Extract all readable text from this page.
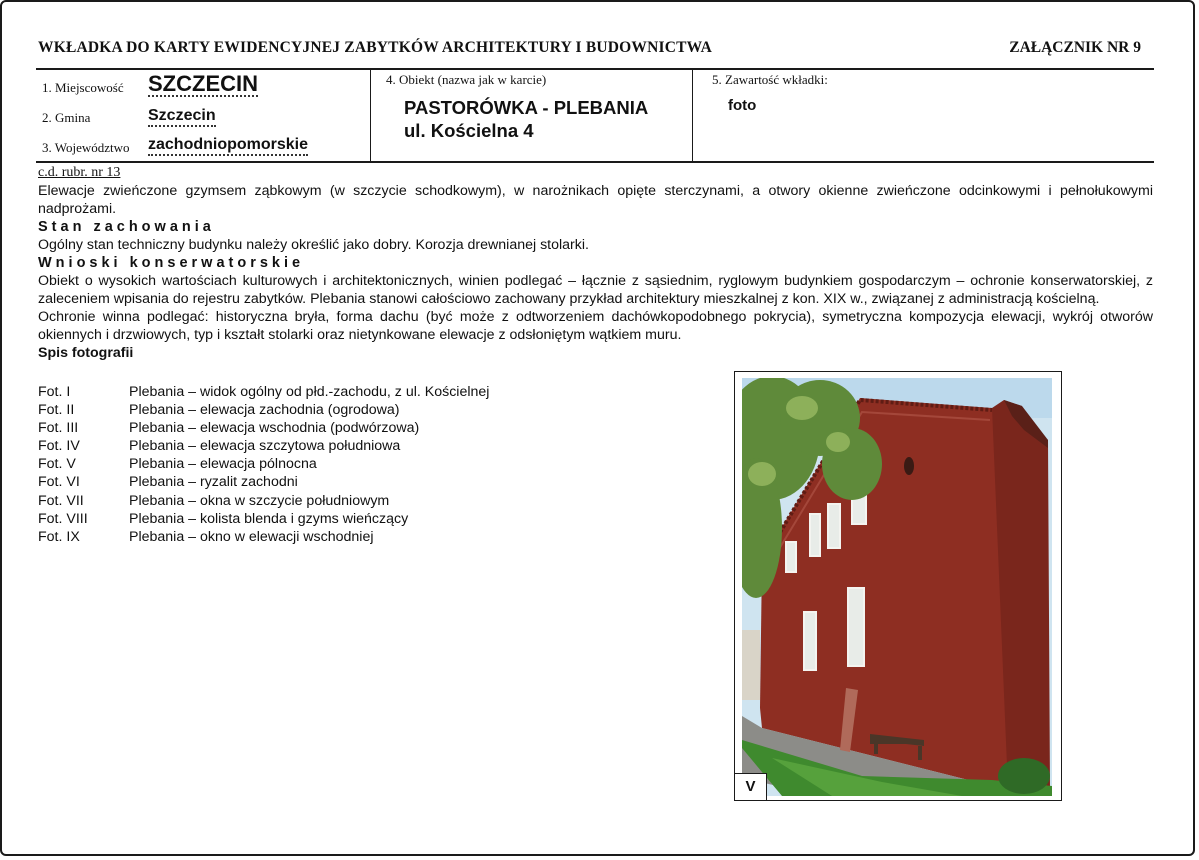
WKŁADKA DO KARTY EWIDENCYJNEJ ZABYTKÓW ARCHITEKTURY I BUDOWNICTWA	ZAŁĄCZNIK NR 9
1. Miejscowość SZCZECIN
2. Gmina	Szczecin
3. Województwo zachodniopomorskie
4. Obiekt (nazwa jak w karcie)
PASTORÓWKA - PLEBANIA
ul. Kościelna 4
5. Zawartość wkładki:
foto
c.d. rubr. nr 13

Elewacje zwieńczone gzymsem ząbkowym (w szczycie schodkowym), w narożnikach opięte sterczynami, a otwory okienne zwieńczone odcinkowymi i pełnołukowymi nadprożami.

Stan zachowania

Ogólny stan techniczny budynku należy określić jako dobry. Korozja drewnianej stolarki.

Wnioski konserwatorskie

Obiekt o wysokich wartościach kulturowych i architektonicznych, winien podlegać – łącznie z sąsiednim, ryglowym budynkiem gospodarczym – ochronie konserwatorskiej, z zaleceniem wpisania do rejestru zabytków. Plebania stanowi całościowo zachowany przykład architektury mieszkalnej z kon. XIX w., związanej z administracją kościelną.

Ochronie winna podlegać: historyczna bryła, forma dachu (być może z odtworzeniem dachówkopodobnego pokrycia), symetryczna kompozycja elewacji, wykrój otworów okiennych i drzwiowych, typ i kształt stolarki oraz nietynkowane elewacje z odsłoniętym wątkiem muru.

Spis fotografii
Fot. I	Plebania – widok ogólny od płd.-zachodu, z ul. Kościelnej
Fot. II	Plebania – elewacja zachodnia (ogrodowa)
Fot. III	Plebania – elewacja wschodnia (podwórzowa)
Fot. IV	Plebania – elewacja szczytowa południowa
Fot. V	Plebania – elewacja pólnocna
Fot. VI	Plebania – ryzalit zachodni
Fot. VII	Plebania – okna w szczycie południowym
Fot. VIII	Plebania – kolista blenda i gzyms wieńczący
Fot. IX	Plebania – okno w elewacji wschodniej
V
